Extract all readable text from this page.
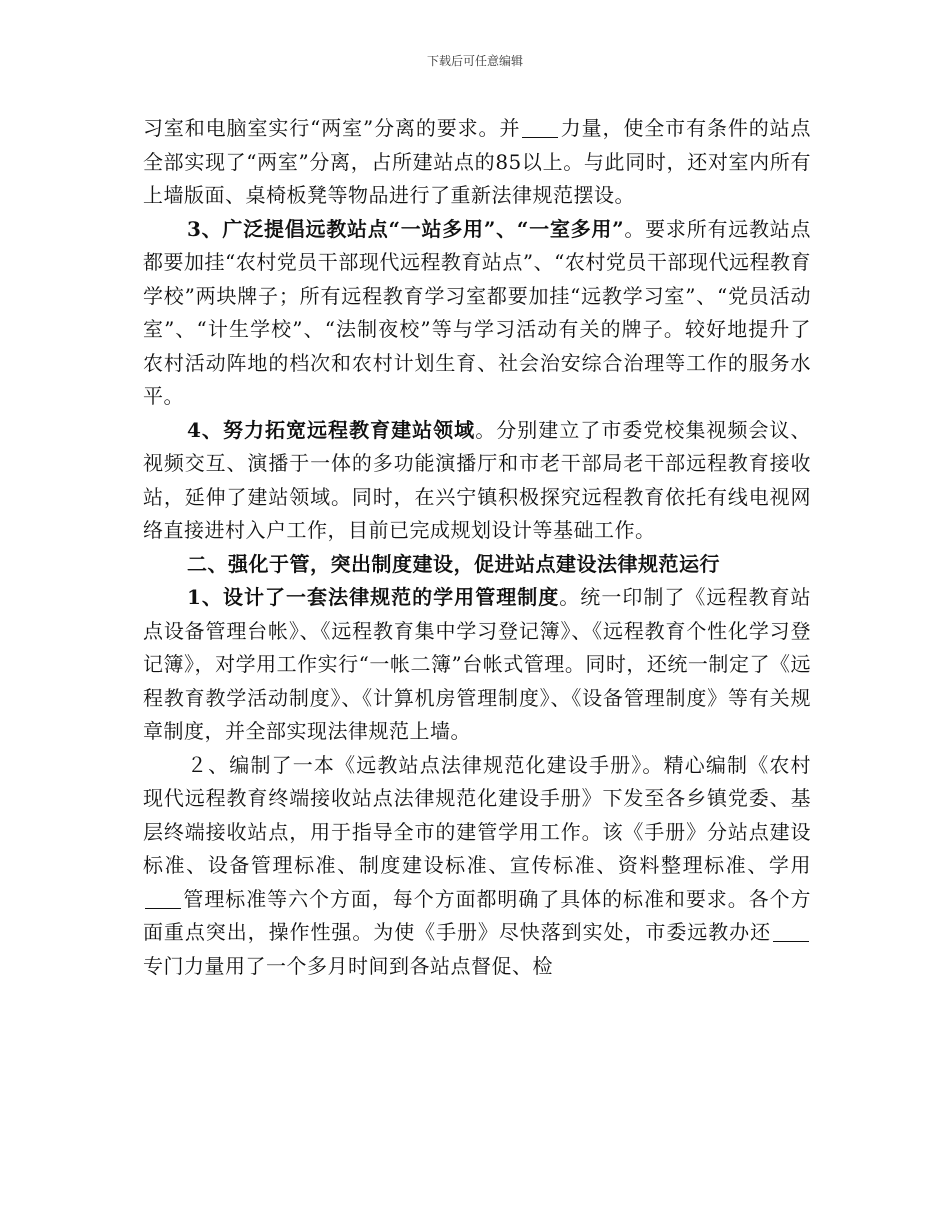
下载后可任意编辑

习室和电脑室实行“两室”分离的要求。并 力量，使全市有条件的站点全部实现了“两室”分离，占所建站点的85以上。与此同时，还对室内所有上墙版面、桌椅板凳等物品进行了重新法律规范摆设。

3、广泛提倡远教站点“一站多用”、“一室多用”。要求所有远教站点都要加挂“农村党员干部现代远程教育站点”、“农村党员干部现代远程教育学校”两块牌子；所有远程教育学习室都要加挂“远教学习室”、“党员活动室”、“计生学校”、“法制夜校”等与学习活动有关的牌子。较好地提升了农村活动阵地的档次和农村计划生育、社会治安综合治理等工作的服务水平。

4、努力拓宽远程教育建站领域。分别建立了市委党校集视频会议、视频交互、演播于一体的多功能演播厅和市老干部局老干部远程教育接收站，延伸了建站领域。同时，在兴宁镇积极探究远程教育依托有线电视网络直接进村入户工作，目前已完成规划设计等基础工作。

二、强化于管，突出制度建设，促进站点建设法律规范运行

1、设计了一套法律规范的学用管理制度。统一印制了《远程教育站点设备管理台帐》、《远程教育集中学习登记簿》、《远程教育个性化学习登记簿》，对学用工作实行“一帐二簿”台帐式管理。同时，还统一制定了《远程教育教学活动制度》、《计算机房管理制度》、《设备管理制度》等有关规章制度，并全部实现法律规范上墙。

２、编制了一本《远教站点法律规范化建设手册》。精心编制《农村现代远程教育终端接收站点法律规范化建设手册》下发至各乡镇党委、基层终端接收站点，用于指导全市的建管学用工作。该《手册》分站点建设标准、设备管理标准、制度建设标准、宣传标准、资料整理标准、学用管理标准等六个方面，每个方面都明确了具体的标准和要求。各个方面重点突出，操作性强。为使《手册》尽快落到实处，市委远教办还专门力量用了一个多月时间到各站点督促、检
